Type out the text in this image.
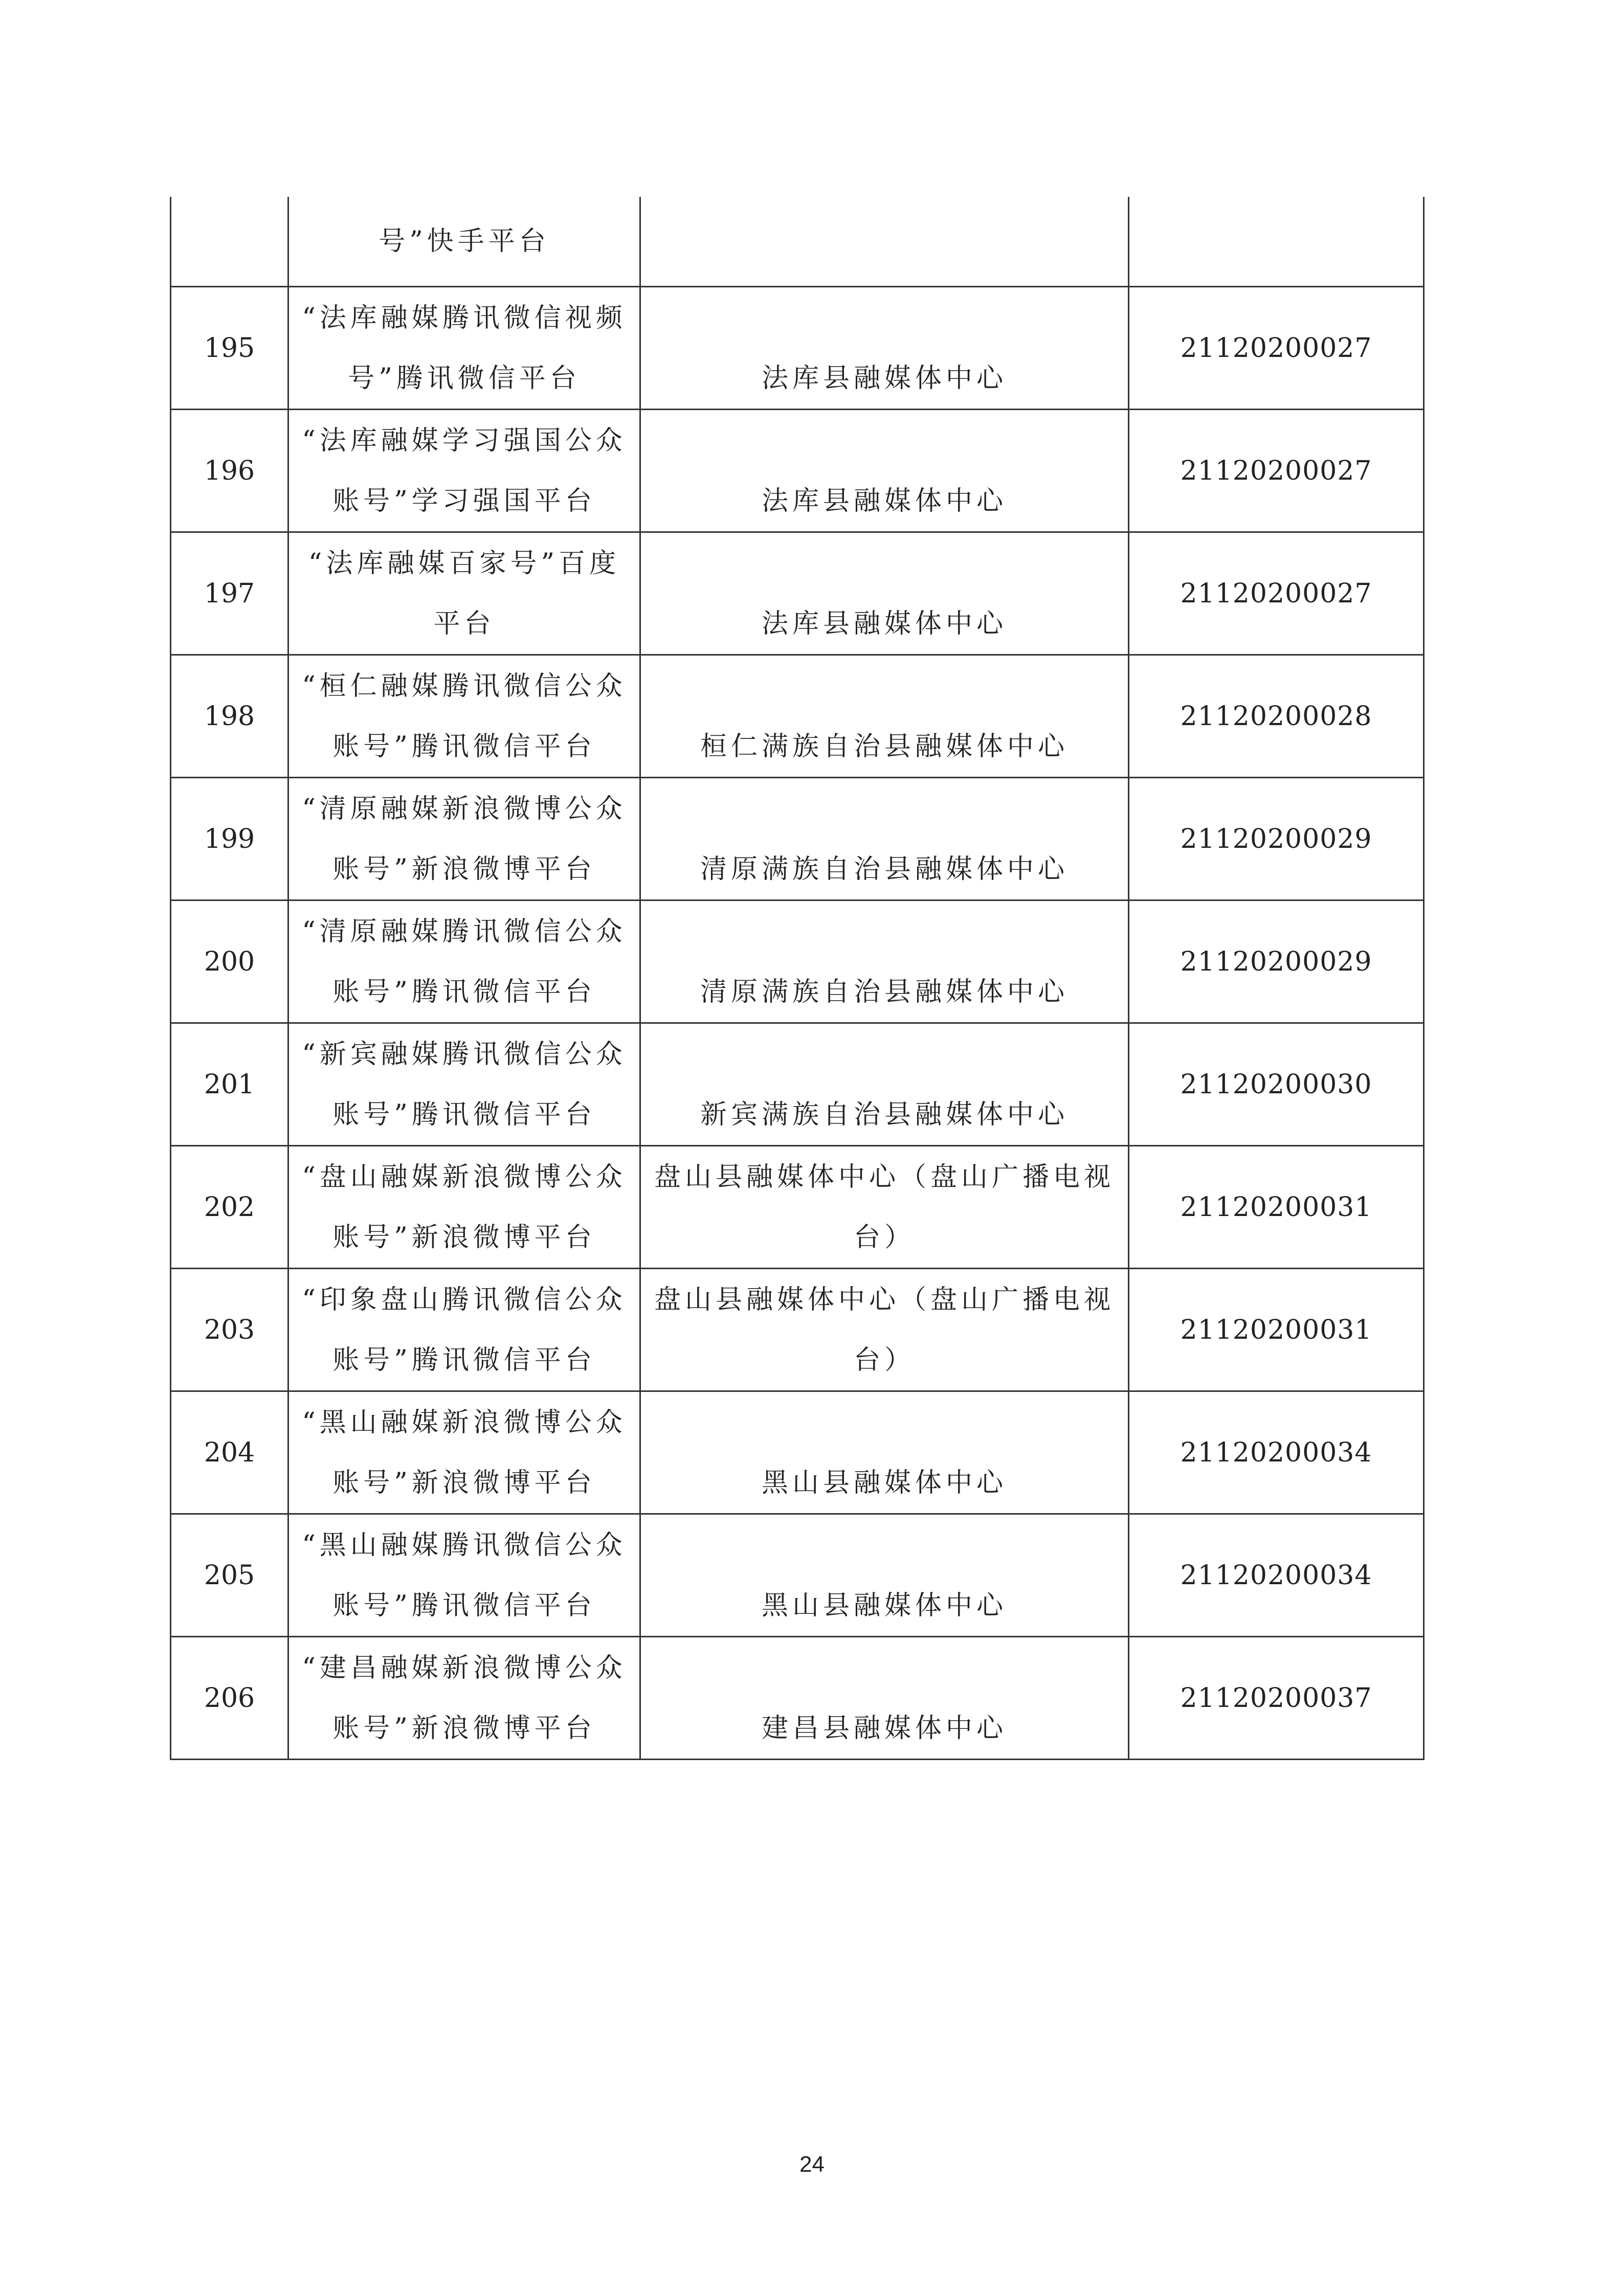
	号”快手平台		

195	“法库融媒腾讯微信视频
号”腾讯微信平台	法库县融媒体中心	21120200027
196	“法库融媒学习强国公众
账号”学习强国平台	法库县融媒体中心	21120200027
197	“法库融媒百家号”百度
平台	法库县融媒体中心	21120200027
198	“桓仁融媒腾讯微信公众
账号”腾讯微信平台	桓仁满族自治县融媒体中心	21120200028
199	“清原融媒新浪微博公众
账号”新浪微博平台	清原满族自治县融媒体中心	21120200029
200	“清原融媒腾讯微信公众
账号”腾讯微信平台	清原满族自治县融媒体中心	21120200029
201	“新宾融媒腾讯微信公众
账号”腾讯微信平台	新宾满族自治县融媒体中心	21120200030
202	“盘山融媒新浪微博公众
账号”新浪微博平台	盘山县融媒体中心（盘山广播电视
台）	21120200031
203	“印象盘山腾讯微信公众
账号”腾讯微信平台	盘山县融媒体中心（盘山广播电视
台）	21120200031
204	“黑山融媒新浪微博公众
账号”新浪微博平台	黑山县融媒体中心	21120200034
205	“黑山融媒腾讯微信公众
账号”腾讯微信平台	黑山县融媒体中心	21120200034
206	“建昌融媒新浪微博公众
账号”新浪微博平台	建昌县融媒体中心	21120200037
24
